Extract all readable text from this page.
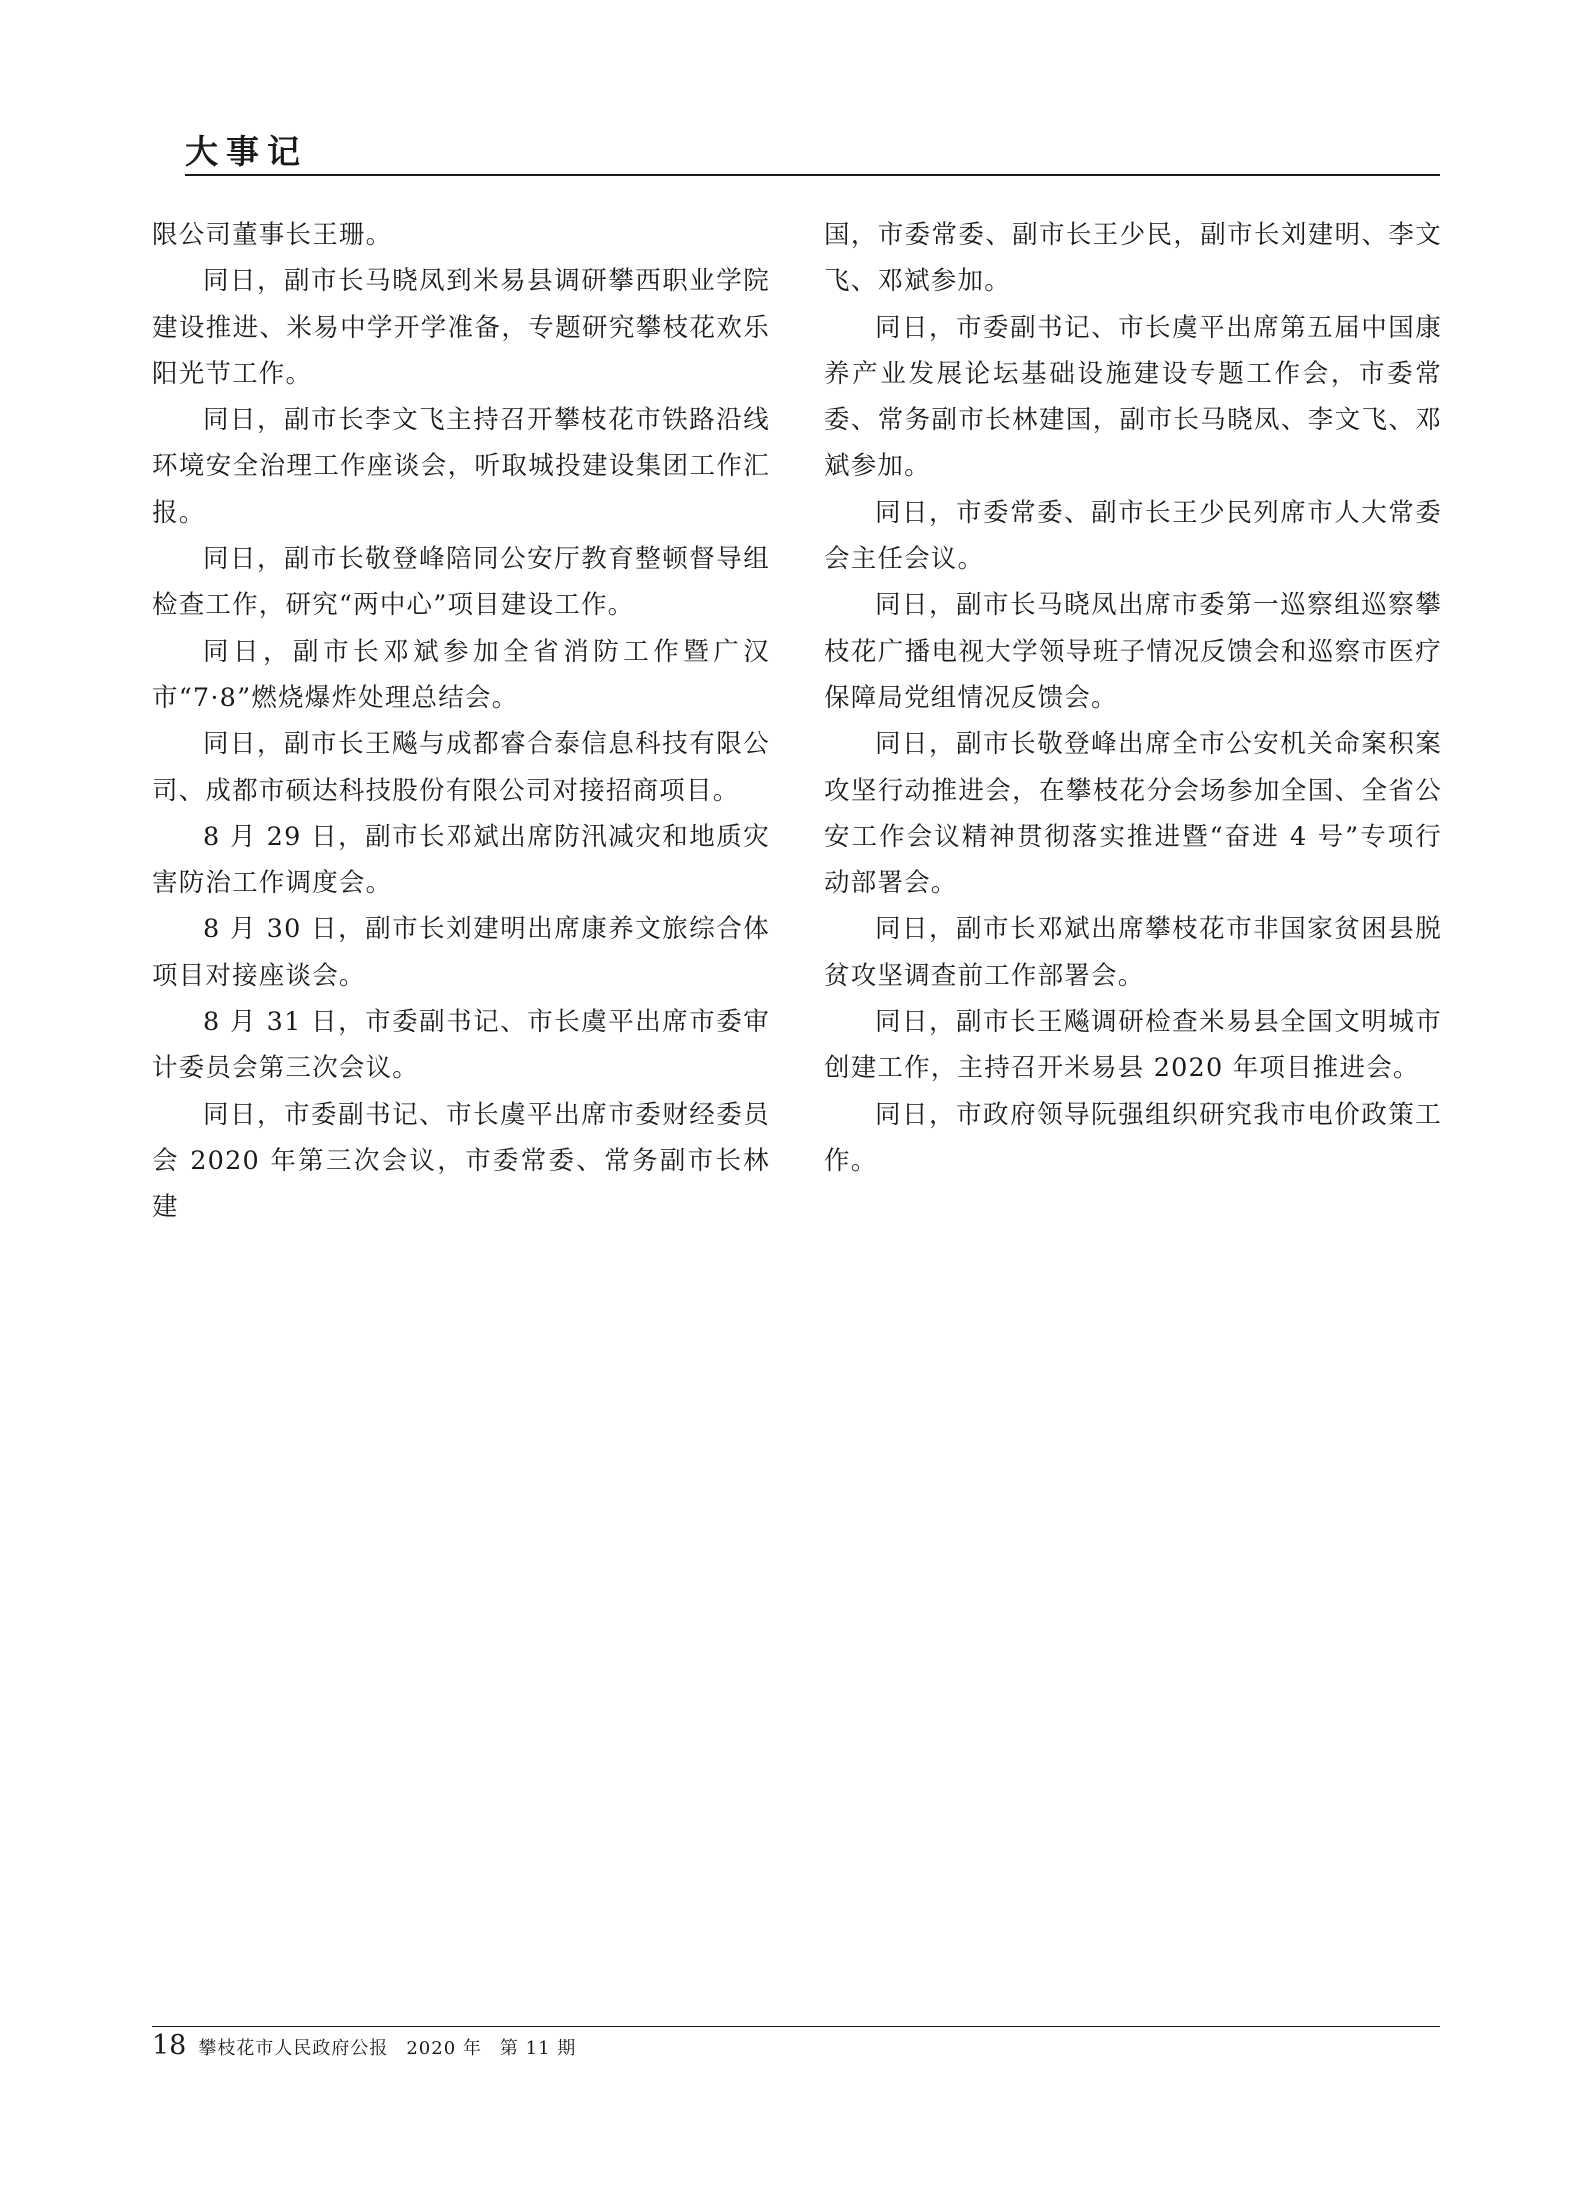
大事记

限公司董事长王珊。

同日，副市长马晓凤到米易县调研攀西职业学院建设推进、米易中学开学准备，专题研究攀枝花欢乐阳光节工作。

同日，副市长李文飞主持召开攀枝花市铁路沿线环境安全治理工作座谈会，听取城投建设集团工作汇报。

同日，副市长敬登峰陪同公安厅教育整顿督导组检查工作，研究“两中心”项目建设工作。

同日，副市长邓斌参加全省消防工作暨广汉市“7·8”燃烧爆炸处理总结会。

同日，副市长王飚与成都睿合泰信息科技有限公司、成都市硕达科技股份有限公司对接招商项目。

8 月 29 日，副市长邓斌出席防汛减灾和地质灾害防治工作调度会。

8 月 30 日，副市长刘建明出席康养文旅综合体项目对接座谈会。

8 月 31 日，市委副书记、市长虞平出席市委审计委员会第三次会议。

同日，市委副书记、市长虞平出席市委财经委员会 2020 年第三次会议，市委常委、常务副市长林建

国，市委常委、副市长王少民，副市长刘建明、李文飞、邓斌参加。

同日，市委副书记、市长虞平出席第五届中国康养产业发展论坛基础设施建设专题工作会，市委常委、常务副市长林建国，副市长马晓凤、李文飞、邓斌参加。

同日，市委常委、副市长王少民列席市人大常委会主任会议。

同日，副市长马晓凤出席市委第一巡察组巡察攀枝花广播电视大学领导班子情况反馈会和巡察市医疗保障局党组情况反馈会。

同日，副市长敬登峰出席全市公安机关命案积案攻坚行动推进会，在攀枝花分会场参加全国、全省公安工作会议精神贯彻落实推进暨“奋进 4 号”专项行动部署会。

同日，副市长邓斌出席攀枝花市非国家贫困县脱贫攻坚调查前工作部署会。

同日，副市长王飚调研检查米易县全国文明城市创建工作，主持召开米易县 2020 年项目推进会。

同日，市政府领导阮强组织研究我市电价政策工作。

18 攀枝花市人民政府公报 2020 年 第 11 期
